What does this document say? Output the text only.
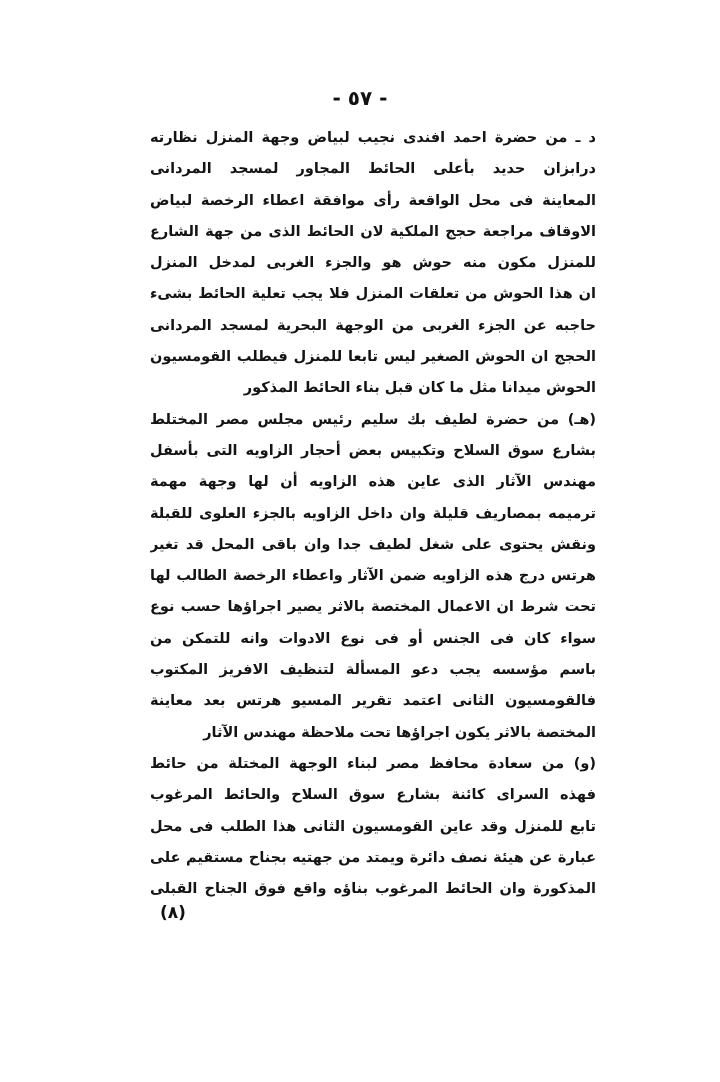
- ٥٧ -
د ـ من حضرة احمد افندى نجيب لبياض وجهة المنزل نظارته
درابزان حديد بأعلى الحائط المجاور لمسجد المردانى
المعاينة فى محل الواقعة رأى موافقة اعطاء الرخصة لبياض
الاوقاف مراجعة حجج الملكية لان الحائط الذى من جهة الشارع
للمنزل مكون منه حوش هو والجزء الغربى لمدخل المنزل
ان هذا الحوش من تعلقات المنزل فلا يجب تعلية الحائط بشىء
حاجبه عن الجزء الغربى من الوجهة البحرية لمسجد المردانى
الحجج ان الحوش الصغير ليس تابعا للمنزل فيطلب القومسيون
الحوش ميدانا مثل ما كان قبل بناء الحائط المذكور
(هـ) من حضرة لطيف بك سليم رئيس مجلس مصر المختلط
بشارع سوق السلاح وتكبيس بعض أحجار الزاويه التى بأسفل
مهندس الآثار الذى عاين هذه الزاويه أن لها وجهة مهمة
ترميمه بمصاريف قليلة وان داخل الزاويه بالجزء العلوى للقبلة
ونقش يحتوى على شغل لطيف جدا وان باقى المحل قد تغير
هرتس درج هذه الزاويه ضمن الآثار واعطاء الرخصة الطالب لها
تحت شرط ان الاعمال المختصة بالاثر يصير اجراؤها حسب نوع
سواء كان فى الجنس أو فى نوع الادوات وانه للتمكن من
باسم مؤسسه يجب دعو المسألة لتنظيف الافريز المكتوب
فالقومسيون الثانى اعتمد تقرير المسيو هرتس بعد معاينة
المختصة بالاثر يكون اجراؤها تحت ملاحظة مهندس الآثار
(و) من سعادة محافظ مصر لبناء الوجهة المختلة من حائط
فهذه السراى كائنة بشارع سوق السلاح والحائط المرغوب
تابع للمنزل وقد عاين القومسيون الثانى هذا الطلب فى محل
عبارة عن هيئة نصف دائرة ويمتد من جهتيه بجناح مستقيم على
المذكورة وان الحائط المرغوب بناؤه واقع فوق الجناح القبلى
(٨)
